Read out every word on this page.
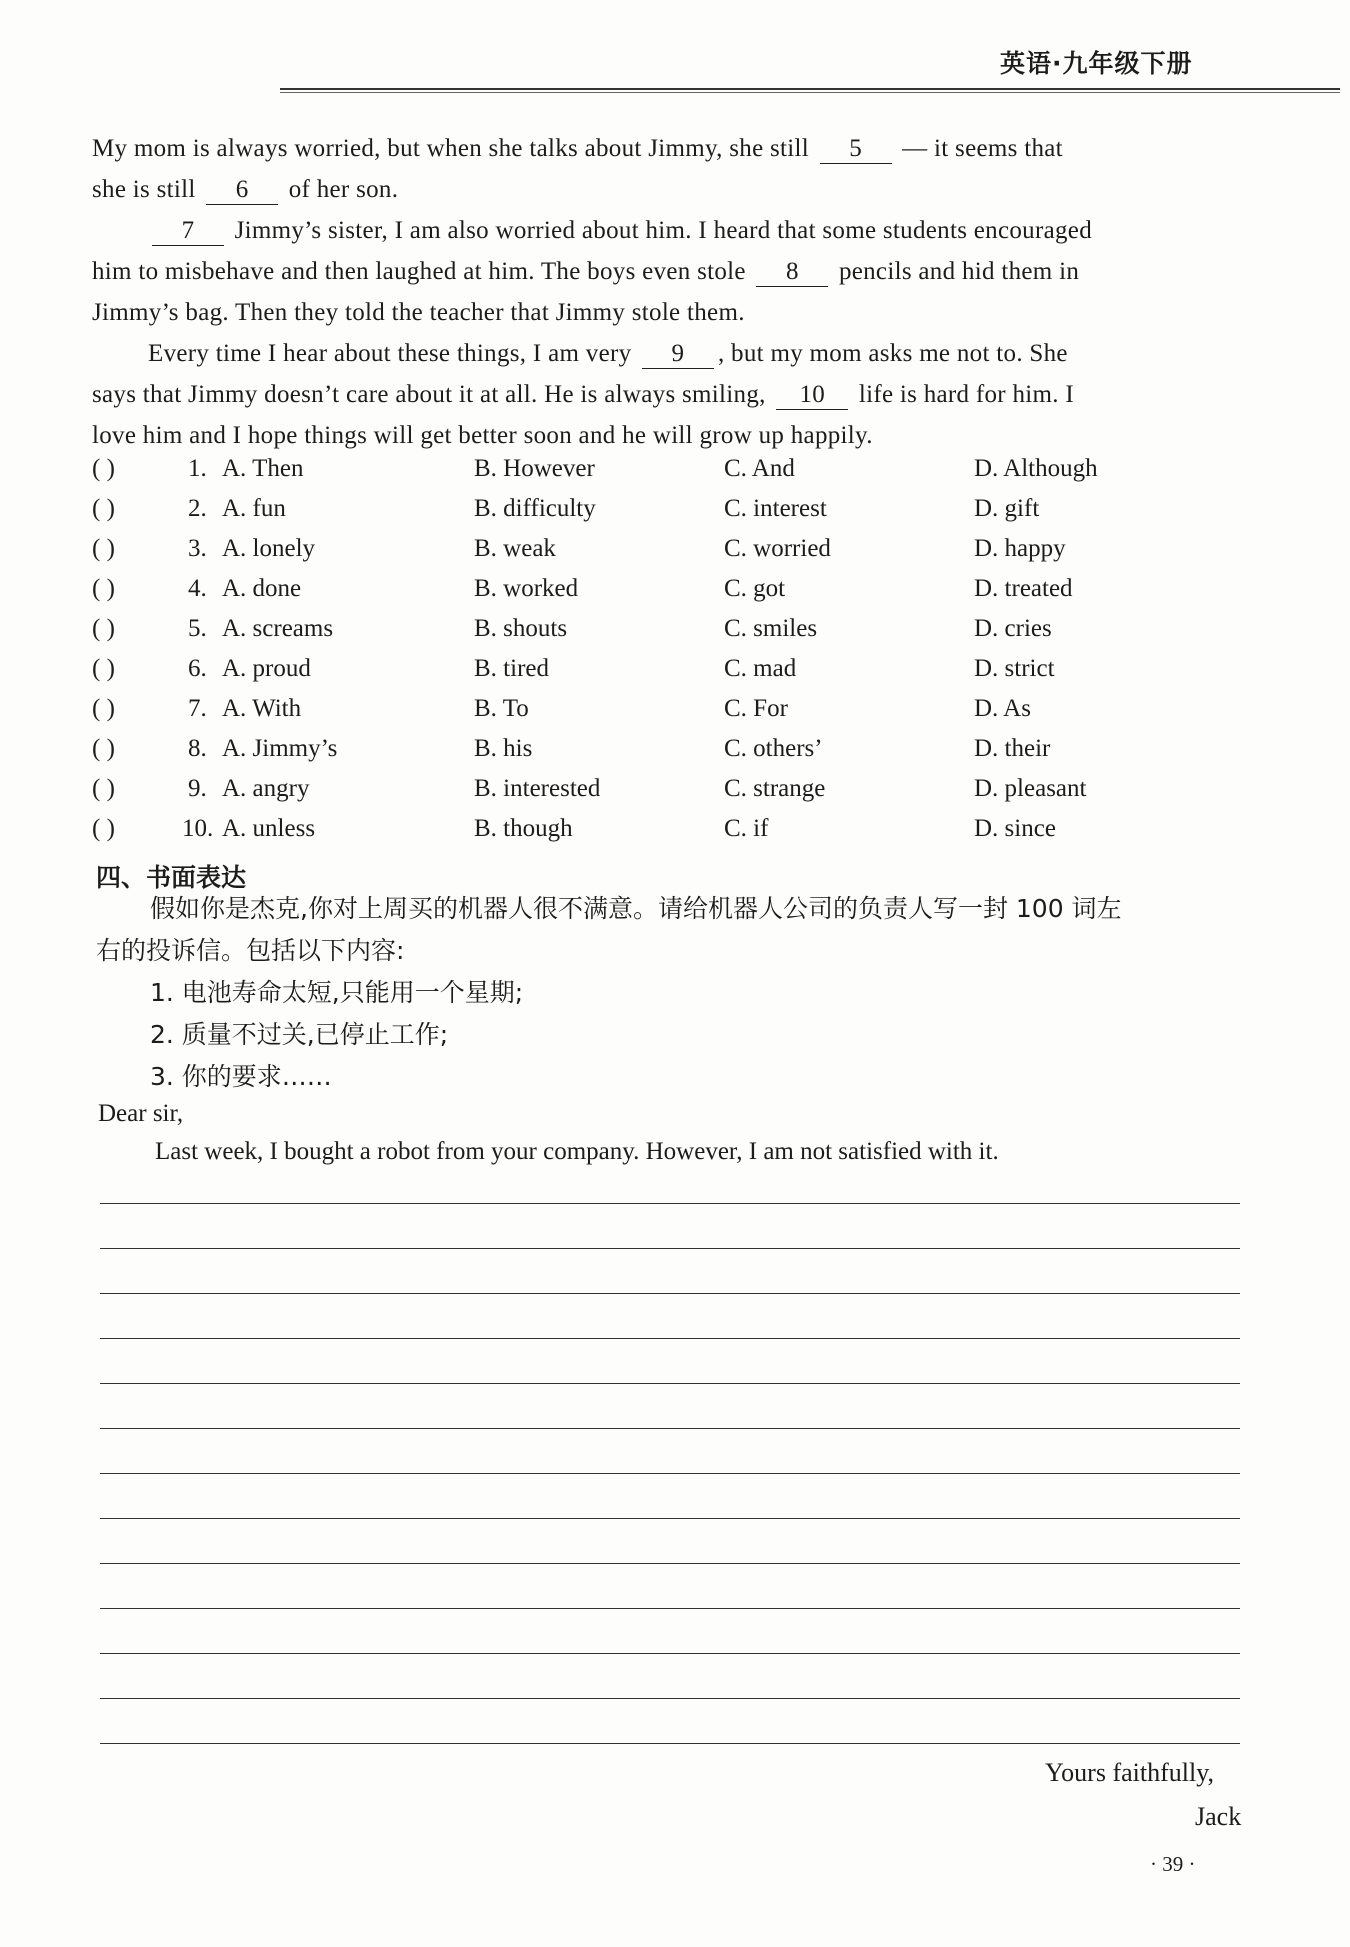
英语·九年级下册
My mom is always worried, but when she talks about Jimmy, she still 5 — it seems that
she is still 6 of her son.
7 Jimmy’s sister, I am also worried about him. I heard that some students encouraged
him to misbehave and then laughed at him. The boys even stole 8 pencils and hid them in
Jimmy’s bag. Then they told the teacher that Jimmy stole them.
Every time I hear about these things, I am very 9 , but my mom asks me not to. She
says that Jimmy doesn’t care about it at all. He is always smiling, 10 life is hard for him. I
love him and I hope things will get better soon and he will grow up happily.
( )	1. A. Then	B. However	C. And	D. Although
( )	2. A. fun	B. difficulty	C. interest	D. gift
( )	3. A. lonely	B. weak	C. worried	D. happy
( )	4. A. done	B. worked	C. got	D. treated
( )	5. A. screams	B. shouts	C. smiles	D. cries
( )	6. A. proud	B. tired	C. mad	D. strict
( )	7. A. With	B. To	C. For	D. As
( )	8. A. Jimmy’s	B. his	C. others’	D. their
( )	9. A. angry	B. interested	C. strange	D. pleasant
( )	10. A. unless	B. though	C. if	D. since
四、书面表达
假如你是杰克,你对上周买的机器人很不满意。请给机器人公司的负责人写一封 100 词左
右的投诉信。包括以下内容:
1. 电池寿命太短,只能用一个星期;
2. 质量不过关,已停止工作;
3. 你的要求……
Dear sir,
Last week, I bought a robot from your company. However, I am not satisfied with it.
Yours faithfully,
Jack
· 39 ·
